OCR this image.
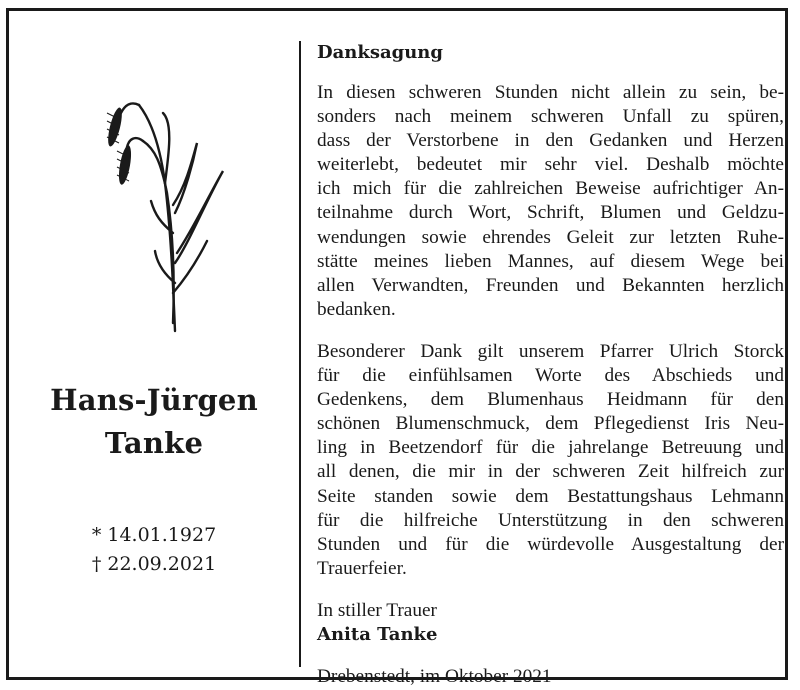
Hans-Jürgen
Tanke
* 14.01.1927
† 22.09.2021
Danksagung
In diesen schweren Stunden nicht allein zu sein, be-
sonders nach meinem schweren Unfall zu spüren,
dass der Verstorbene in den Gedanken und Herzen
weiterlebt, bedeutet mir sehr viel. Deshalb möchte
ich mich für die zahlreichen Beweise aufrichtiger An-
teilnahme durch Wort, Schrift, Blumen und Geldzu-
wendungen sowie ehrendes Geleit zur letzten Ruhe-
stätte meines lieben Mannes, auf diesem Wege bei
allen Verwandten, Freunden und Bekannten herzlich
bedanken.
Besonderer Dank gilt unserem Pfarrer Ulrich Storck
für die einfühlsamen Worte des Abschieds und
Gedenkens, dem Blumenhaus Heidmann für den
schönen Blumenschmuck, dem Pflegedienst Iris Neu-
ling in Beetzendorf für die jahrelange Betreuung und
all denen, die mir in der schweren Zeit hilfreich zur
Seite standen sowie dem Bestattungshaus Lehmann
für die hilfreiche Unterstützung in den schweren
Stunden und für die würdevolle Ausgestaltung der
Trauerfeier.
In stiller Trauer
Anita Tanke
Drebenstedt, im Oktober 2021
